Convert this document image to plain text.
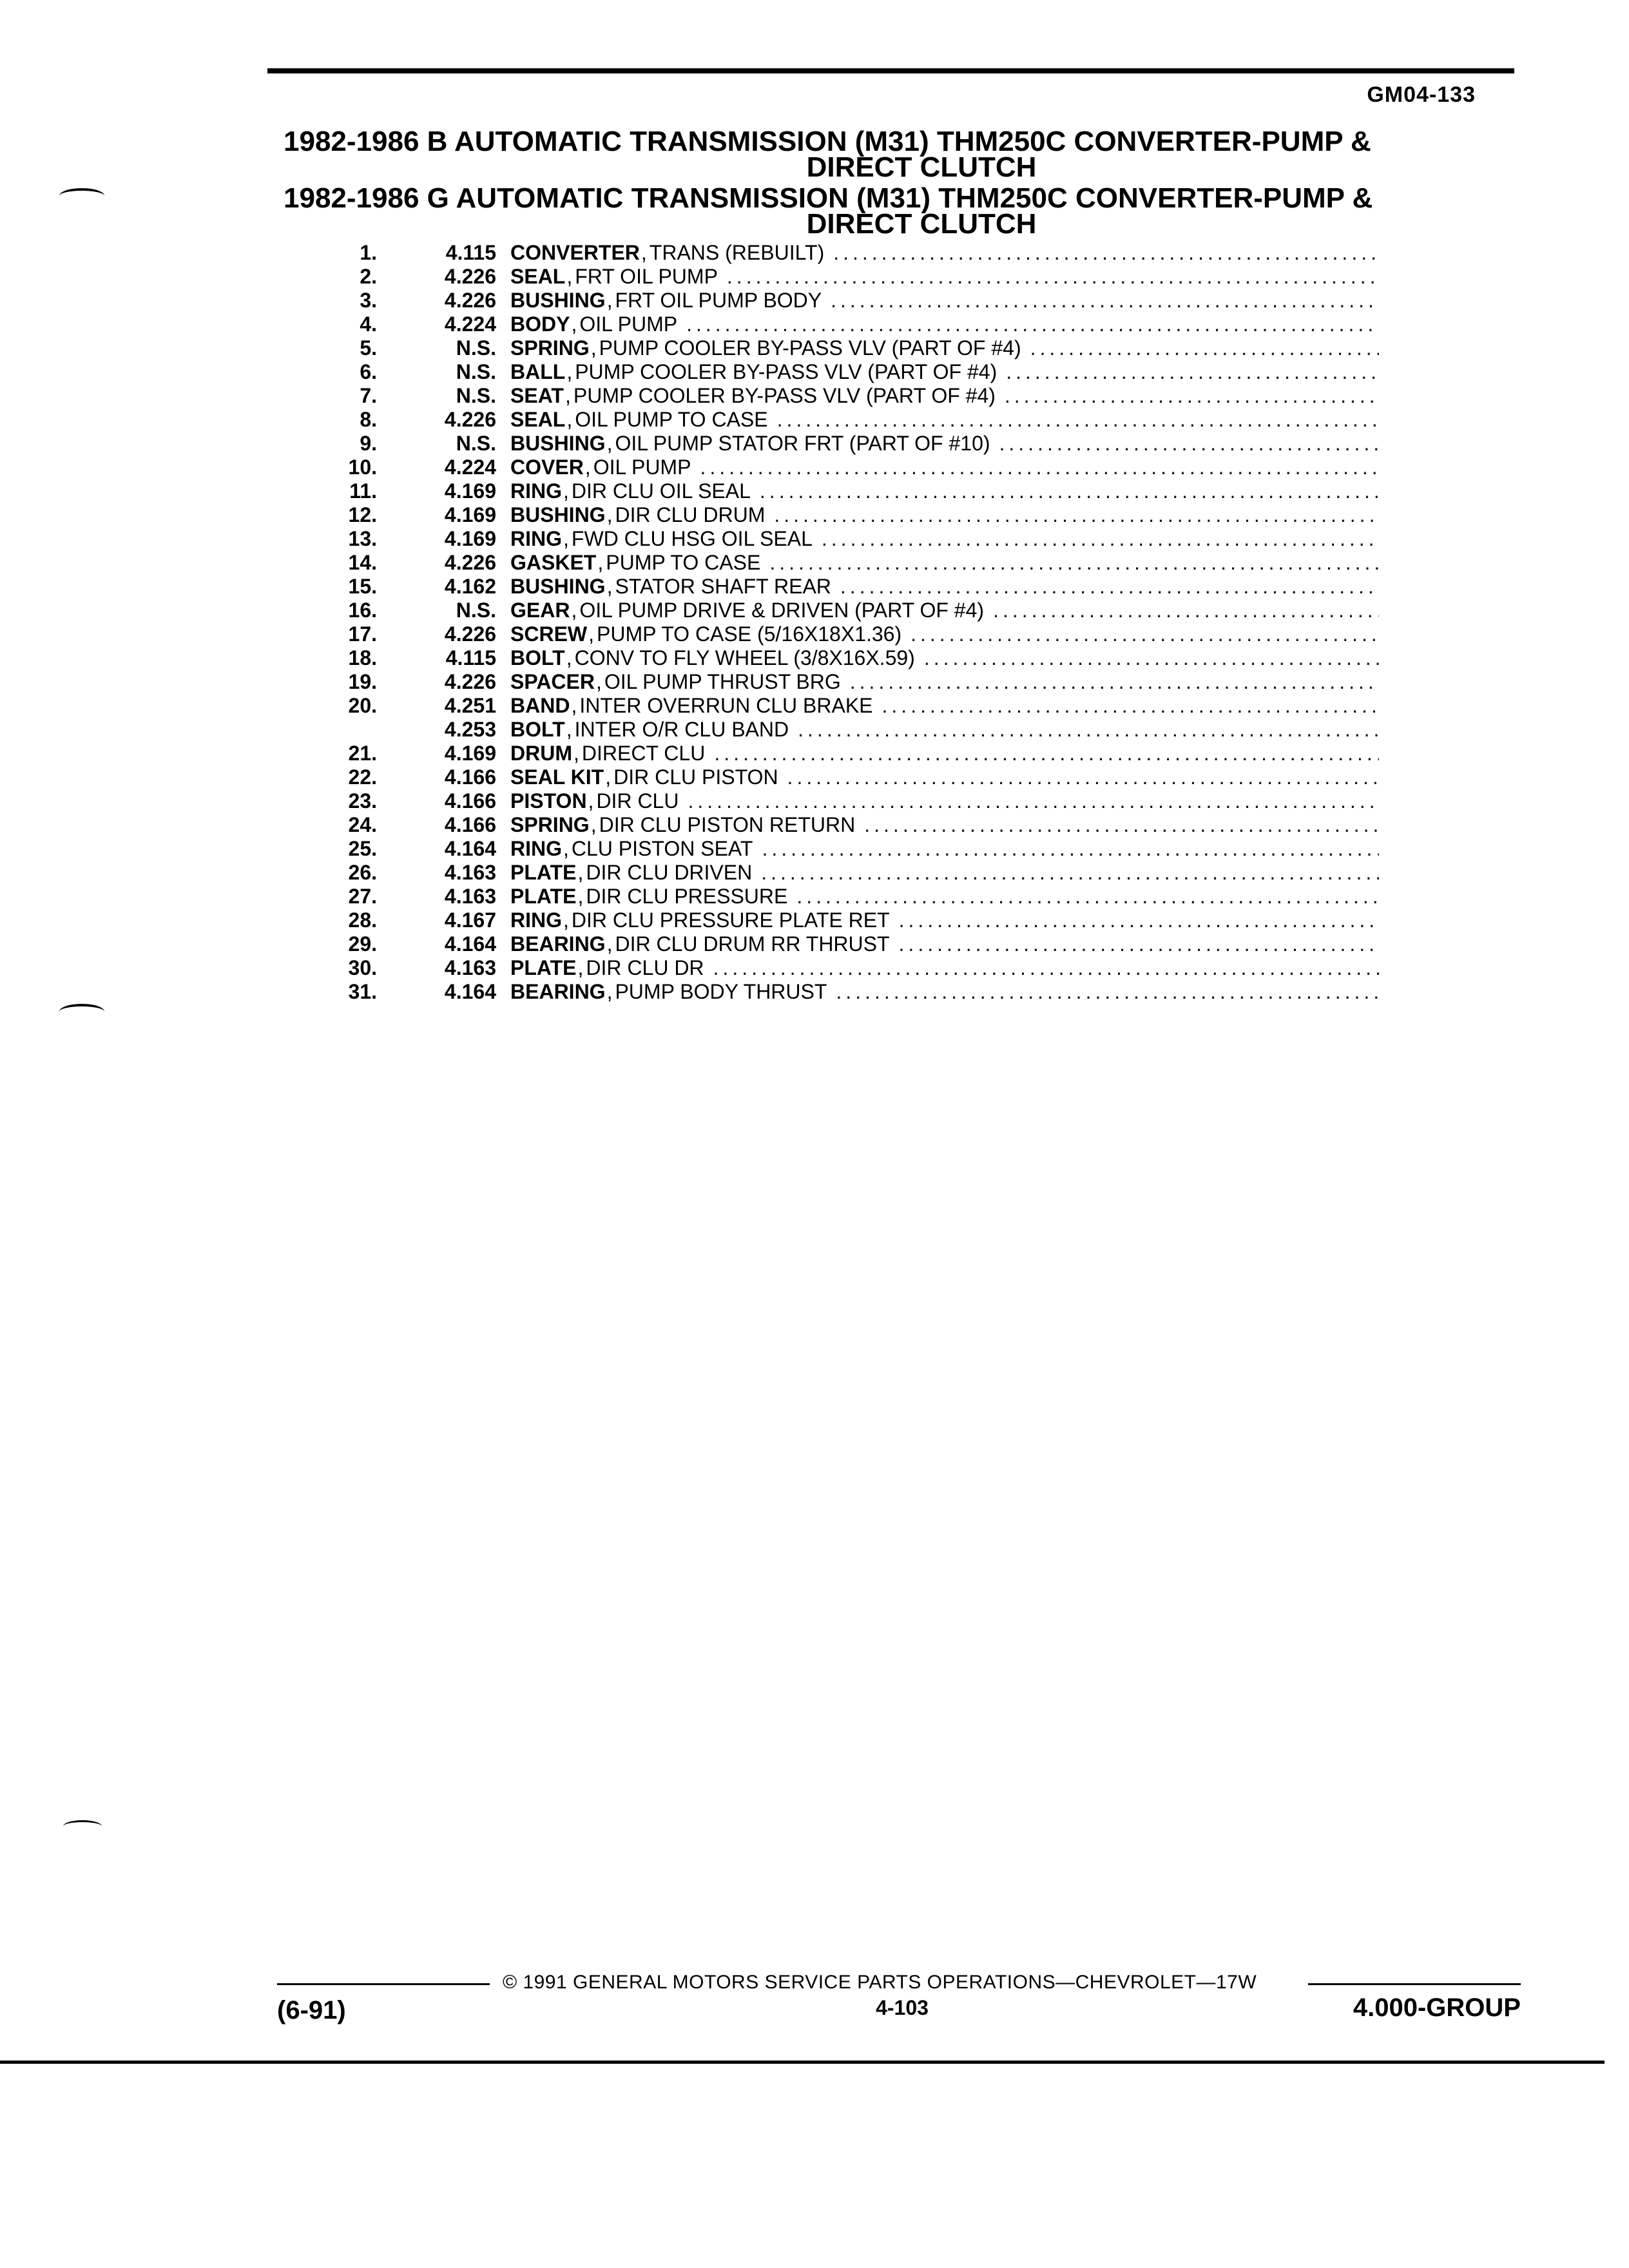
GM04-133
1982-1986 B AUTOMATIC TRANSMISSION (M31) THM250C CONVERTER-PUMP &
DIRECT CLUTCH
1982-1986 G AUTOMATIC TRANSMISSION (M31) THM250C CONVERTER-PUMP &
DIRECT CLUTCH
1.	4.115 CONVERTER , TRANS (REBUILT)
.....
2.	4.226 SEAL , FRT OIL PUMP
.....
3.	4.226 BUSHING , FRT OIL PUMP BODY
.....
4.	4.224 BODY , OIL PUMP
.....
5.	N.S. SPRING , PUMP COOLER BY-PASS VLV (PART OF #4)
.....
6.	N.S. BALL , PUMP COOLER BY-PASS VLV (PART OF #4)
.....
7.	N.S. SEAT , PUMP COOLER BY-PASS VLV (PART OF #4)
.....
8.	4.226 SEAL , OIL PUMP TO CASE
.....
9.	N.S. BUSHING , OIL PUMP STATOR FRT (PART OF #10)
.....
10.	4.224 COVER , OIL PUMP
.....
11.	4.169 RING , DIR CLU OIL SEAL
.....
12.	4.169 BUSHING , DIR CLU DRUM
.....
13.	4.169 RING , FWD CLU HSG OIL SEAL
.....
14.	4.226 GASKET , PUMP TO CASE
.....
15.	4.162 BUSHING , STATOR SHAFT REAR
.....
16.	N.S. GEAR , OIL PUMP DRIVE & DRIVEN (PART OF #4)
.....
17.	4.226 SCREW , PUMP TO CASE (5/16X18X1.36)
.....
18.	4.115 BOLT , CONV TO FLY WHEEL (3/8X16X.59)
.....
19.	4.226 SPACER , OIL PUMP THRUST BRG
.....
20.	4.251 BAND , INTER OVERRUN CLU BRAKE
.....
4.253 BOLT , INTER O/R CLU BAND
.....
21.	4.169 DRUM , DIRECT CLU
.....
22.	4.166 SEAL KIT , DIR CLU PISTON
.....
23.	4.166 PISTON , DIR CLU
.....
24.	4.166 SPRING , DIR CLU PISTON RETURN
.....
25.	4.164 RING , CLU PISTON SEAT
.....
26.	4.163 PLATE , DIR CLU DRIVEN
.....
27.	4.163 PLATE , DIR CLU PRESSURE
.....
28.	4.167 RING , DIR CLU PRESSURE PLATE RET
.....
29.	4.164 BEARING , DIR CLU DRUM RR THRUST
.....
30.	4.163 PLATE , DIR CLU DR
.....
31.	4.164 BEARING , PUMP BODY THRUST
.....
© 1991 GENERAL MOTORS SERVICE PARTS OPERATIONS—CHEVROLET—17W
(6-91)	4-103	4.000-GROUP
